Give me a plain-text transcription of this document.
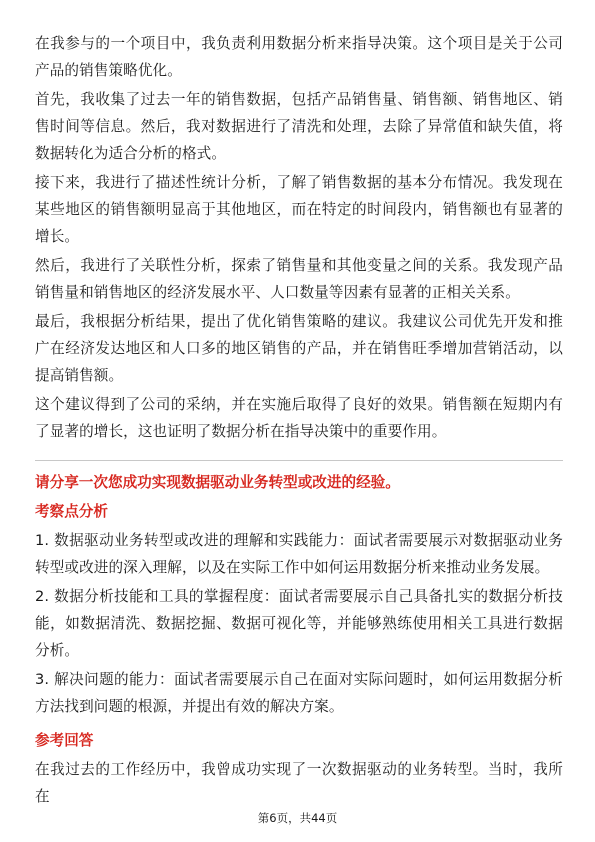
在我参与的一个项目中，我负责利用数据分析来指导决策。这个项目是关于公司产品的销售策略优化。

首先，我收集了过去一年的销售数据，包括产品销售量、销售额、销售地区、销售时间等信息。然后，我对数据进行了清洗和处理，去除了异常值和缺失值，将数据转化为适合分析的格式。

接下来，我进行了描述性统计分析，了解了销售数据的基本分布情况。我发现在某些地区的销售额明显高于其他地区，而在特定的时间段内，销售额也有显著的增长。

然后，我进行了关联性分析，探索了销售量和其他变量之间的关系。我发现产品销售量和销售地区的经济发展水平、人口数量等因素有显著的正相关关系。

最后，我根据分析结果，提出了优化销售策略的建议。我建议公司优先开发和推广在经济发达地区和人口多的地区销售的产品，并在销售旺季增加营销活动，以提高销售额。

这个建议得到了公司的采纳，并在实施后取得了良好的效果。销售额在短期内有了显著的增长，这也证明了数据分析在指导决策中的重要作用。

请分享一次您成功实现数据驱动业务转型或改进的经验。
考察点分析

1. 数据驱动业务转型或改进的理解和实践能力：面试者需要展示对数据驱动业务转型或改进的深入理解，以及在实际工作中如何运用数据分析来推动业务发展。

2. 数据分析技能和工具的掌握程度：面试者需要展示自己具备扎实的数据分析技能，如数据清洗、数据挖掘、数据可视化等，并能够熟练使用相关工具进行数据分析。

3. 解决问题的能力：面试者需要展示自己在面对实际问题时，如何运用数据分析方法找到问题的根源，并提出有效的解决方案。

参考回答

在我过去的工作经历中，我曾成功实现了一次数据驱动的业务转型。当时，我所在

第6页，共44页
